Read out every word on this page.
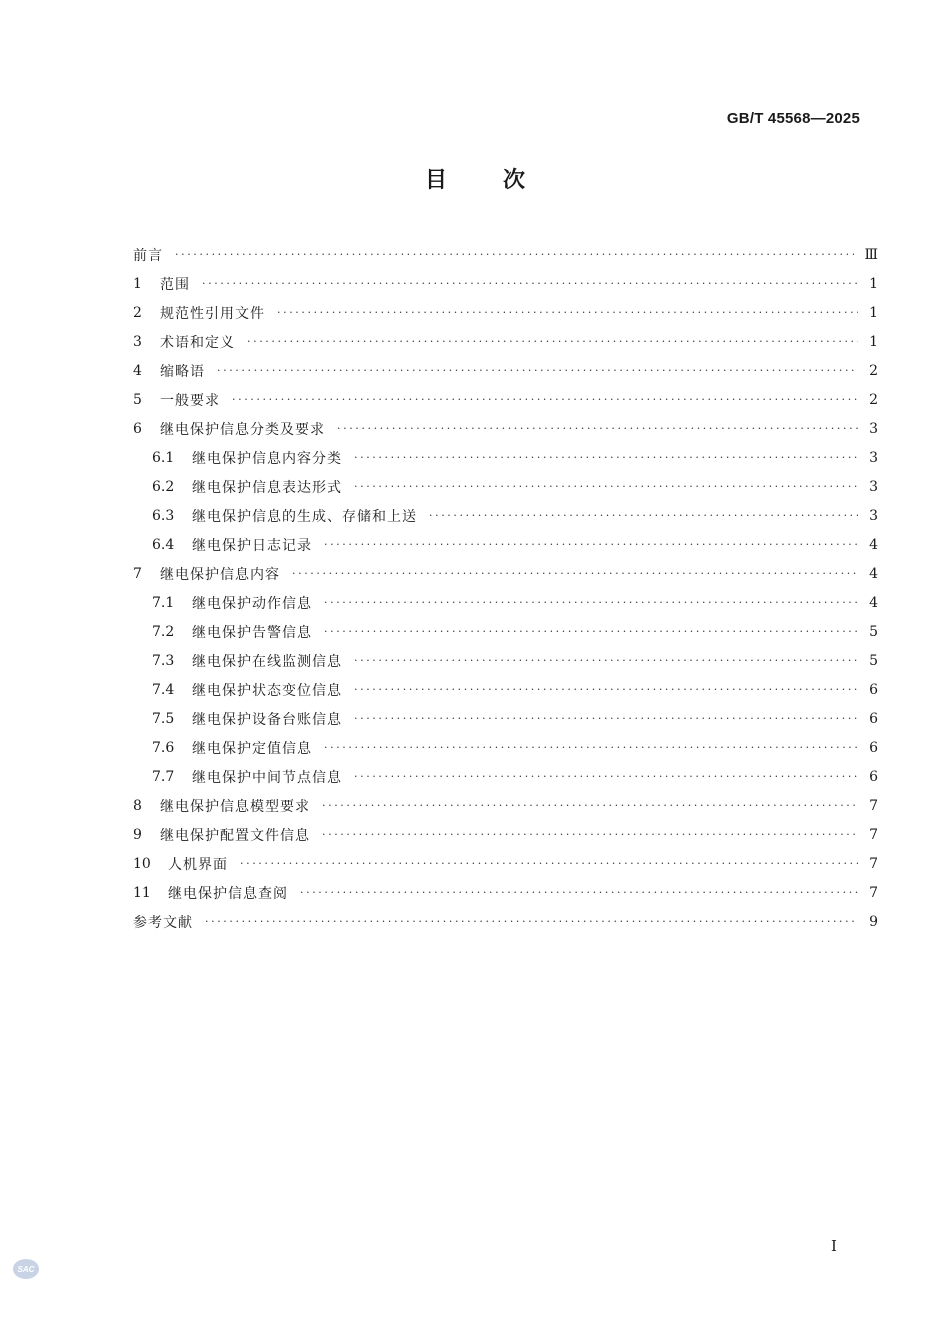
GB/T 45568—2025
目次
前言 ·····	Ⅲ
1	范围 ·····	1
2	规范性引用文件 ·····	1
3	术语和定义 ·····	1
4	缩略语 ·····	2
5	一般要求 ·····	2
6	继电保护信息分类及要求 ·····	3
6.1	继电保护信息内容分类 ·····	3
6.2	继电保护信息表达形式 ·····	3
6.3	继电保护信息的生成、存储和上送 ·····	3
6.4	继电保护日志记录 ·····	4
7	继电保护信息内容 ·····	4
7.1	继电保护动作信息 ·····	4
7.2	继电保护告警信息 ·····	5
7.3	继电保护在线监测信息 ·····	5
7.4	继电保护状态变位信息 ·····	6
7.5	继电保护设备台账信息 ·····	6
7.6	继电保护定值信息 ·····	6
7.7	继电保护中间节点信息 ·····	6
8	继电保护信息模型要求 ·····	7
9	继电保护配置文件信息 ·····	7
10	人机界面 ·····	7
11	继电保护信息查阅 ·····	7
参考文献 ·····	9
Ⅰ
SAC
